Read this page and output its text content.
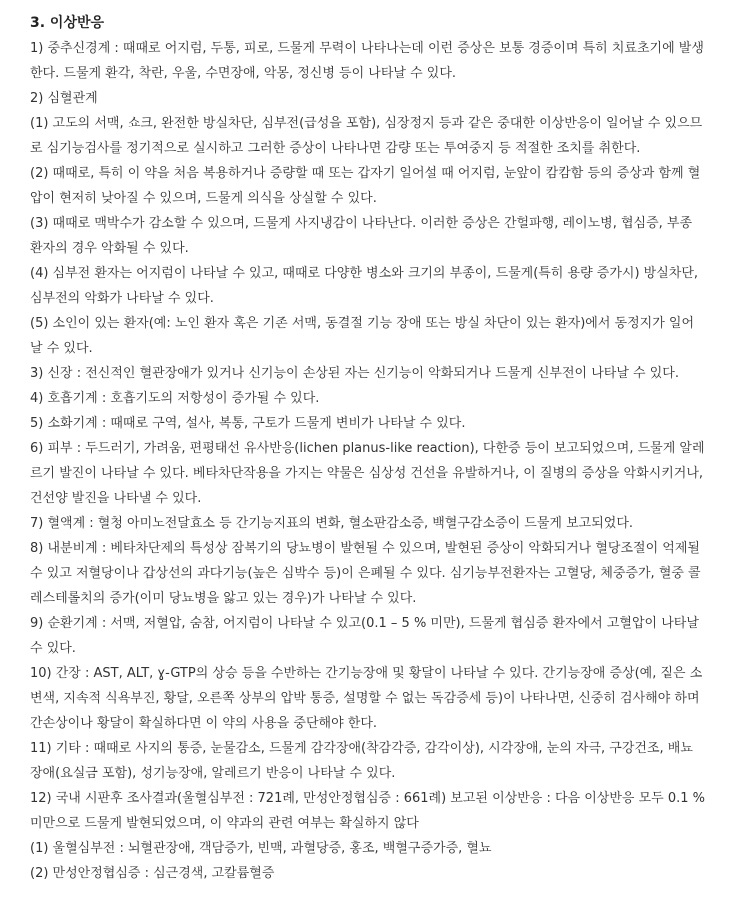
3. 이상반응
1) 중추신경계 : 때때로 어지럼, 두통, 피로, 드물게 무력이 나타나는데 이런 증상은 보통 경증이며 특히 치료초기에 발생
한다. 드물게 환각, 착란, 우울, 수면장애, 악몽, 정신병 등이 나타날 수 있다.
2) 심혈관계
(1) 고도의 서맥, 쇼크, 완전한 방실차단, 심부전(급성을 포함), 심장정지 등과 같은 중대한 이상반응이 일어날 수 있으므
로 심기능검사를 정기적으로 실시하고 그러한 증상이 나타나면 감량 또는 투여중지 등 적절한 조치를 취한다.
(2) 때때로, 특히 이 약을 처음 복용하거나 증량할 때 또는 갑자기 일어설 때 어지럼, 눈앞이 캄캄함 등의 증상과 함께 혈
압이 현저히 낮아질 수 있으며, 드물게 의식을 상실할 수 있다.
(3) 때때로 맥박수가 감소할 수 있으며, 드물게 사지냉감이 나타난다. 이러한 증상은 간헐파행, 레이노병, 협심증, 부종
환자의 경우 악화될 수 있다.
(4) 심부전 환자는 어지럼이 나타날 수 있고, 때때로 다양한 병소와 크기의 부종이, 드물게(특히 용량 증가시) 방실차단,
심부전의 악화가 나타날 수 있다.
(5) 소인이 있는 환자(예: 노인 환자 혹은 기존 서맥, 동결절 기능 장애 또는 방실 차단이 있는 환자)에서 동정지가 일어
날 수 있다.
3) 신장 : 전신적인 혈관장애가 있거나 신기능이 손상된 자는 신기능이 악화되거나 드물게 신부전이 나타날 수 있다.
4) 호흡기계 : 호흡기도의 저항성이 증가될 수 있다.
5) 소화기계 : 때때로 구역, 설사, 복통, 구토가 드물게 변비가 나타날 수 있다.
6) 피부 : 두드러기, 가려움, 편평태선 유사반응(lichen planus-like reaction), 다한증 등이 보고되었으며, 드물게 알레
르기 발진이 나타날 수 있다. 베타차단작용을 가지는 약물은 심상성 건선을 유발하거나, 이 질병의 증상을 악화시키거나,
건선양 발진을 나타낼 수 있다.
7) 혈액계 : 혈청 아미노전달효소 등 간기능지표의 변화, 혈소판감소증, 백혈구감소증이 드물게 보고되었다.
8) 내분비계 : 베타차단제의 특성상 잠복기의 당뇨병이 발현될 수 있으며, 발현된 증상이 악화되거나 혈당조절이 억제될
수 있고 저혈당이나 갑상선의 과다기능(높은 심박수 등)이 은폐될 수 있다. 심기능부전환자는 고혈당, 체중증가, 혈중 콜
레스테롤치의 증가(이미 당뇨병을 앓고 있는 경우)가 나타날 수 있다.
9) 순환기계 : 서맥, 저혈압, 숨참, 어지럼이 나타날 수 있고(0.1 – 5 % 미만), 드물게 협심증 환자에서 고혈압이 나타날
수 있다.
10) 간장 : AST, ALT, ɣ-GTP의 상승 등을 수반하는 간기능장애 및 황달이 나타날 수 있다. 간기능장애 증상(예, 짙은 소
변색, 지속적 식욕부진, 황달, 오른쪽 상부의 압박 통증, 설명할 수 없는 독감증세 등)이 나타나면, 신중히 검사해야 하며
간손상이나 황달이 확실하다면 이 약의 사용을 중단해야 한다.
11) 기타 : 때때로 사지의 통증, 눈물감소, 드물게 감각장애(착감각증, 감각이상), 시각장애, 눈의 자극, 구강건조, 배뇨
장애(요실금 포함), 성기능장애, 알레르기 반응이 나타날 수 있다.
12) 국내 시판후 조사결과(울혈심부전 : 721례, 만성안정협심증 : 661례) 보고된 이상반응 : 다음 이상반응 모두 0.1 %
미만으로 드물게 발현되었으며, 이 약과의 관련 여부는 확실하지 않다
(1) 울혈심부전 : 뇌혈관장애, 객담증가, 빈맥, 과혈당증, 홍조, 백혈구증가증, 혈뇨
(2) 만성안정협심증 : 심근경색, 고칼륨혈증
